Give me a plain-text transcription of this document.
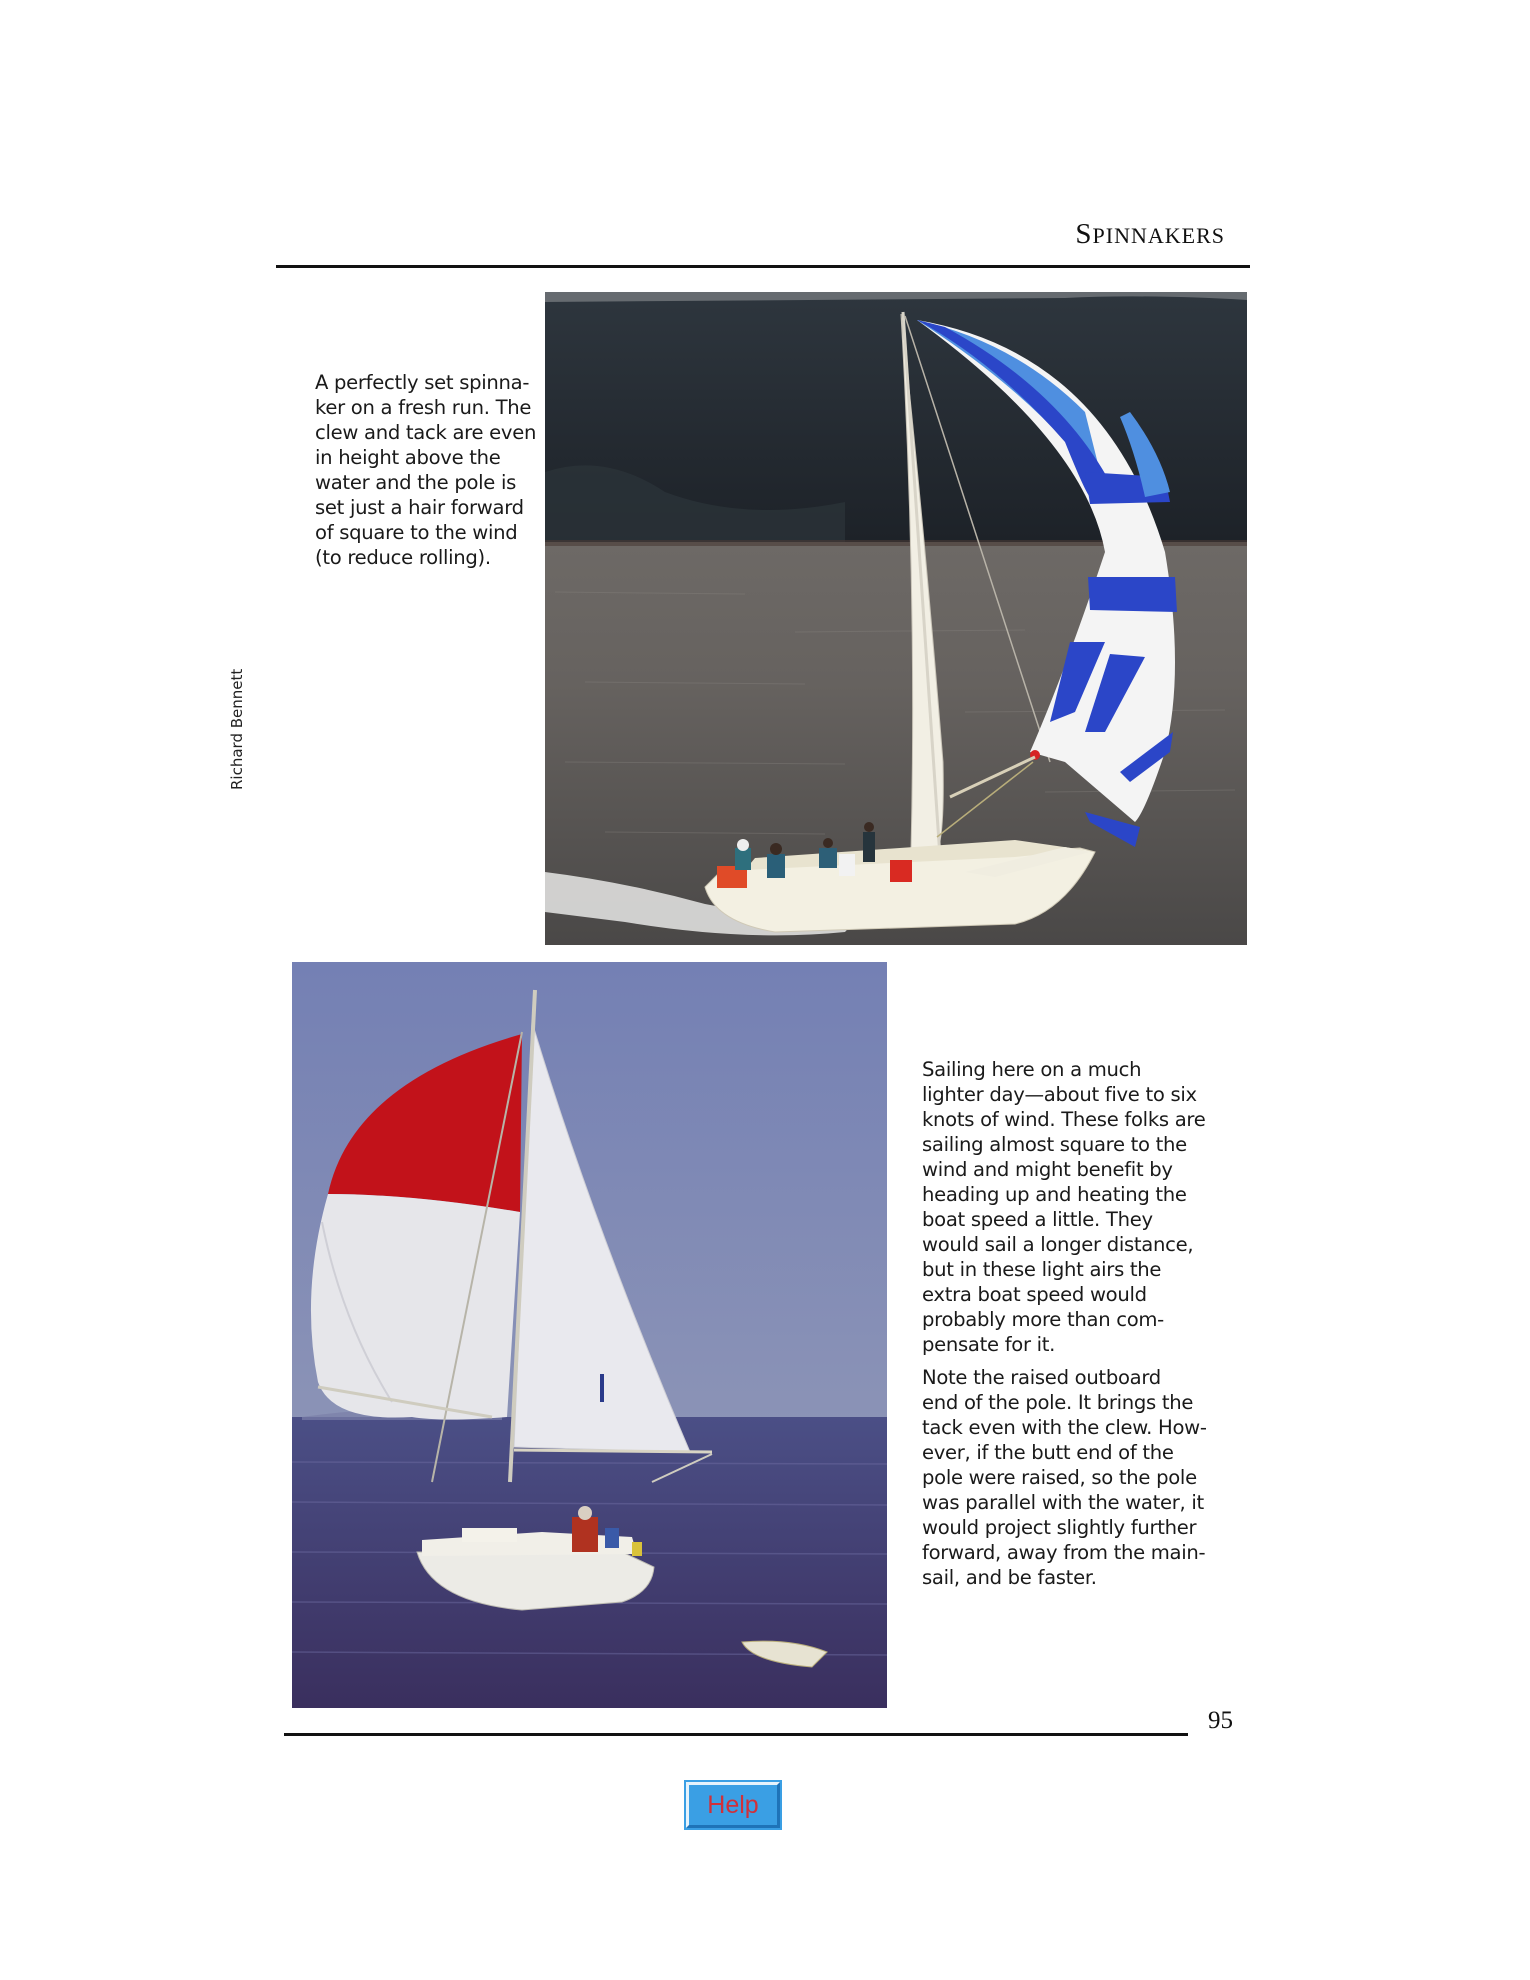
SPINNAKERS
Richard Bennett
A perfectly set spinna-
ker on a fresh run. The
clew and tack are even
in height above the
water and the pole is
set just a hair forward
of square to the wind
(to reduce rolling).

Sailing here on a much
lighter day—about five to six
knots of wind. These folks are
sailing almost square to the
wind and might benefit by
heading up and heating the
boat speed a little. They
would sail a longer distance,
but in these light airs the
extra boat speed would
probably more than com-
pensate for it.

Note the raised outboard
end of the pole. It brings the
tack even with the clew. How-
ever, if the butt end of the
pole were raised, so the pole
was parallel with the water, it
would project slightly further
forward, away from the main-
sail, and be faster.

95
Help
